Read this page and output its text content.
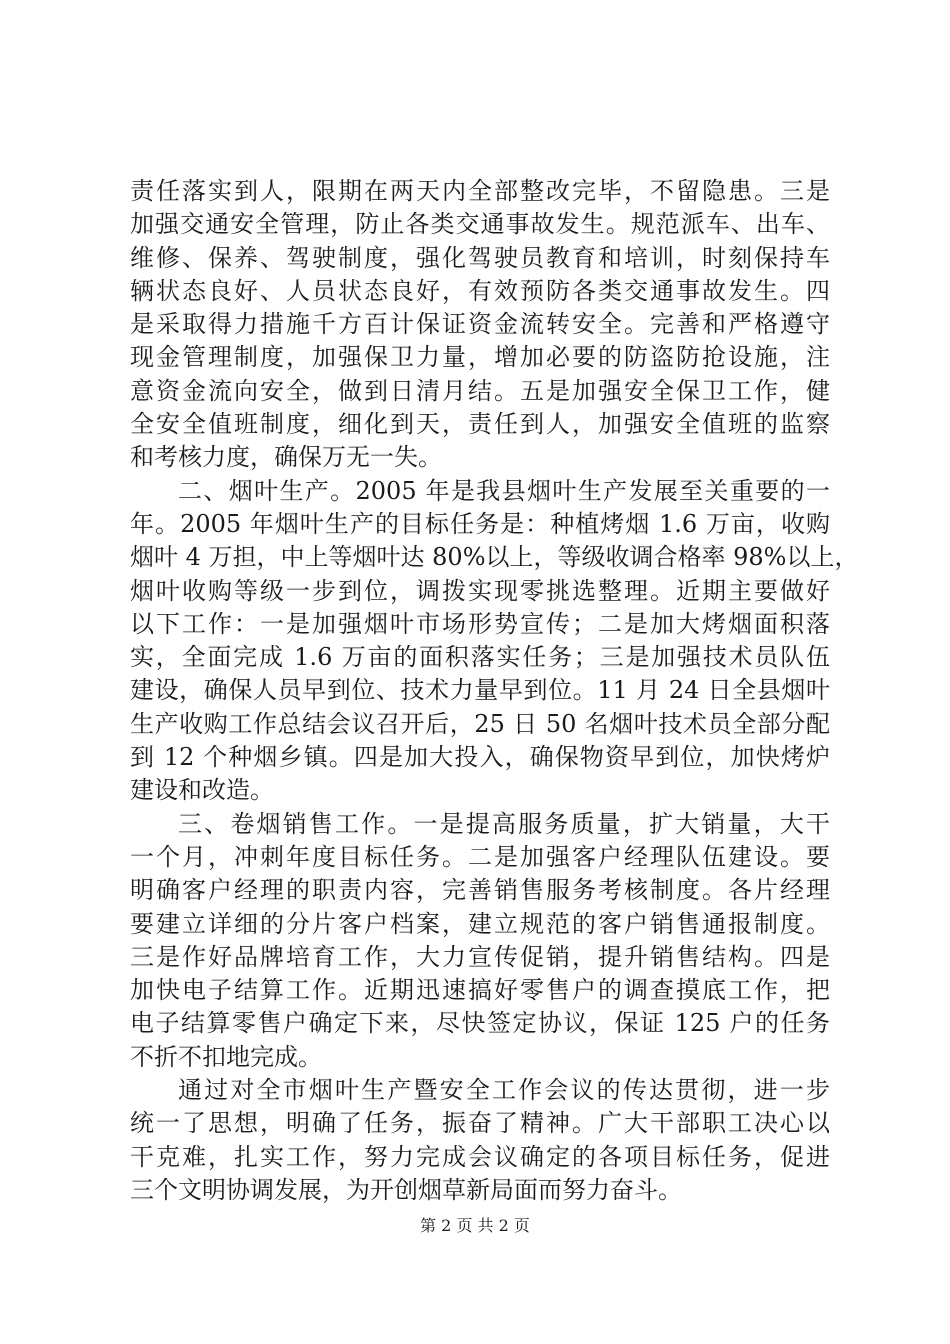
责任落实到人，限期在两天内全部整改完毕，不留隐患。三是
加强交通安全管理，防止各类交通事故发生。规范派车、出车、
维修、保养、驾驶制度，强化驾驶员教育和培训，时刻保持车
辆状态良好、人员状态良好，有效预防各类交通事故发生。四
是采取得力措施千方百计保证资金流转安全。完善和严格遵守
现金管理制度，加强保卫力量，增加必要的防盗防抢设施，注
意资金流向安全，做到日清月结。五是加强安全保卫工作，健
全安全值班制度，细化到天，责任到人，加强安全值班的监察
和考核力度，确保万无一失。
二、烟叶生产。2005 年是我县烟叶生产发展至关重要的一
年。2005 年烟叶生产的目标任务是：种植烤烟 1.6 万亩，收购
烟叶 4 万担，中上等烟叶达 80%以上，等级收调合格率 98%以上，
烟叶收购等级一步到位，调拨实现零挑选整理。近期主要做好
以下工作：一是加强烟叶市场形势宣传；二是加大烤烟面积落
实，全面完成 1.6 万亩的面积落实任务；三是加强技术员队伍
建设，确保人员早到位、技术力量早到位。11 月 24 日全县烟叶
生产收购工作总结会议召开后，25 日 50 名烟叶技术员全部分配
到 12 个种烟乡镇。四是加大投入，确保物资早到位，加快烤炉
建设和改造。
三、卷烟销售工作。一是提高服务质量，扩大销量，大干
一个月，冲刺年度目标任务。二是加强客户经理队伍建设。要
明确客户经理的职责内容，完善销售服务考核制度。各片经理
要建立详细的分片客户档案，建立规范的客户销售通报制度。
三是作好品牌培育工作，大力宣传促销，提升销售结构。四是
加快电子结算工作。近期迅速搞好零售户的调查摸底工作，把
电子结算零售户确定下来，尽快签定协议，保证 125 户的任务
不折不扣地完成。
通过对全市烟叶生产暨安全工作会议的传达贯彻，进一步
统一了思想，明确了任务，振奋了精神。广大干部职工决心以
干克难，扎实工作，努力完成会议确定的各项目标任务，促进
三个文明协调发展，为开创烟草新局面而努力奋斗。
第 2 页 共 2 页
